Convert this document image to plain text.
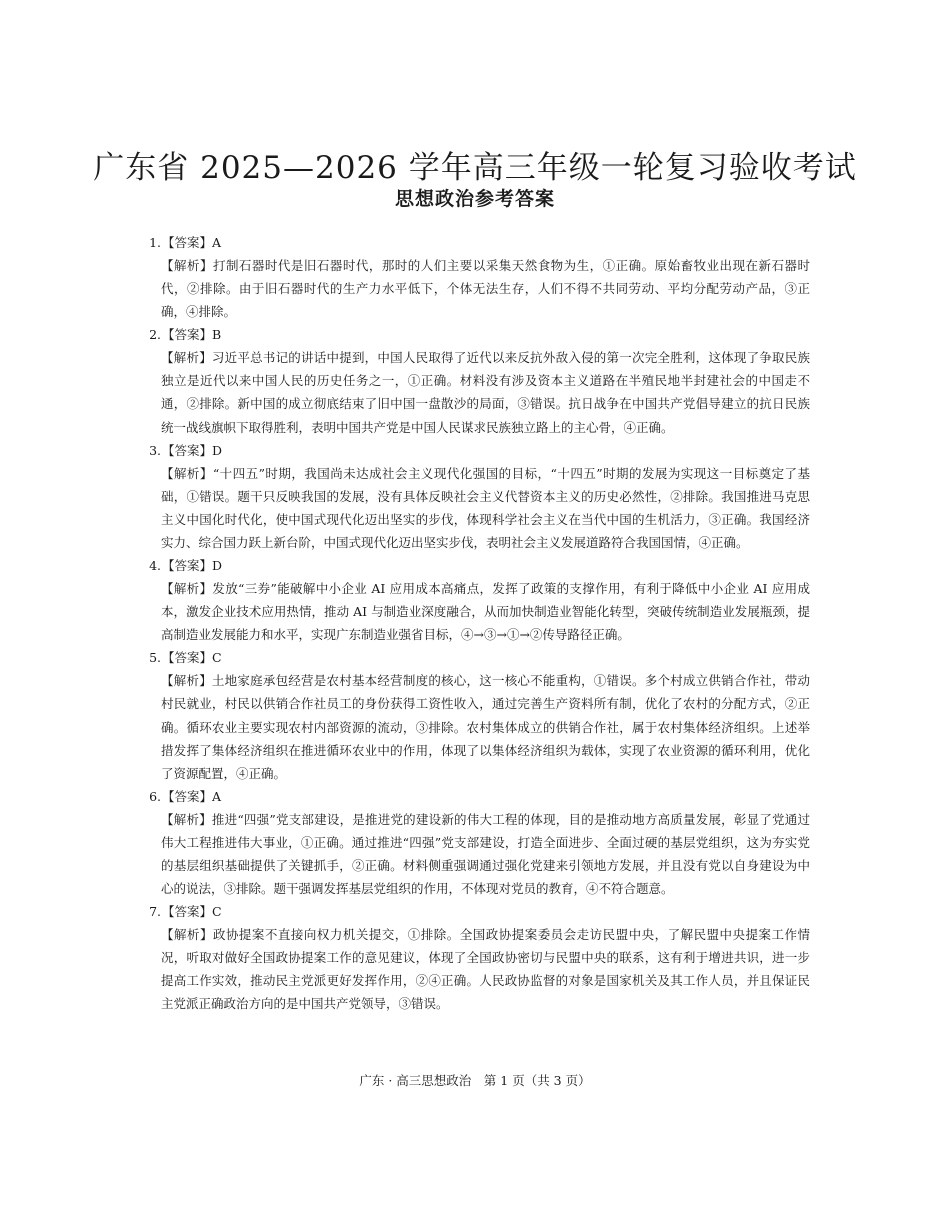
广东省 2025—2026 学年高三年级一轮复习验收考试
思想政治参考答案
1.【答案】A
【解析】打制石器时代是旧石器时代，那时的人们主要以采集天然食物为生，①正确。原始畜牧业出现在新石器时代，②排除。由于旧石器时代的生产力水平低下，个体无法生存，人们不得不共同劳动、平均分配劳动产品，③正确，④排除。
2.【答案】B
【解析】习近平总书记的讲话中提到，中国人民取得了近代以来反抗外敌入侵的第一次完全胜利，这体现了争取民族独立是近代以来中国人民的历史任务之一，①正确。材料没有涉及资本主义道路在半殖民地半封建社会的中国走不通，②排除。新中国的成立彻底结束了旧中国一盘散沙的局面，③错误。抗日战争在中国共产党倡导建立的抗日民族统一战线旗帜下取得胜利，表明中国共产党是中国人民谋求民族独立路上的主心骨，④正确。
3.【答案】D
【解析】“十四五”时期，我国尚未达成社会主义现代化强国的目标，“十四五”时期的发展为实现这一目标奠定了基础，①错误。题干只反映我国的发展，没有具体反映社会主义代替资本主义的历史必然性，②排除。我国推进马克思主义中国化时代化，使中国式现代化迈出坚实的步伐，体现科学社会主义在当代中国的生机活力，③正确。我国经济实力、综合国力跃上新台阶，中国式现代化迈出坚实步伐，表明社会主义发展道路符合我国国情，④正确。
4.【答案】D
【解析】发放“三券”能破解中小企业 AI 应用成本高痛点，发挥了政策的支撑作用，有利于降低中小企业 AI 应用成本，激发企业技术应用热情，推动 AI 与制造业深度融合，从而加快制造业智能化转型，突破传统制造业发展瓶颈，提高制造业发展能力和水平，实现广东制造业强省目标，④→③→①→②传导路径正确。
5.【答案】C
【解析】土地家庭承包经营是农村基本经营制度的核心，这一核心不能重构，①错误。多个村成立供销合作社，带动村民就业，村民以供销合作社员工的身份获得工资性收入，通过完善生产资料所有制，优化了农村的分配方式，②正确。循环农业主要实现农村内部资源的流动，③排除。农村集体成立的供销合作社，属于农村集体经济组织。上述举措发挥了集体经济组织在推进循环农业中的作用，体现了以集体经济组织为载体，实现了农业资源的循环利用，优化了资源配置，④正确。
6.【答案】A
【解析】推进“四强”党支部建设，是推进党的建设新的伟大工程的体现，目的是推动地方高质量发展，彰显了党通过伟大工程推进伟大事业，①正确。通过推进“四强”党支部建设，打造全面进步、全面过硬的基层党组织，这为夯实党的基层组织基础提供了关键抓手，②正确。材料侧重强调通过强化党建来引领地方发展，并且没有党以自身建设为中心的说法，③排除。题干强调发挥基层党组织的作用，不体现对党员的教育，④不符合题意。
7.【答案】C
【解析】政协提案不直接向权力机关提交，①排除。全国政协提案委员会走访民盟中央，了解民盟中央提案工作情况，听取对做好全国政协提案工作的意见建议，体现了全国政协密切与民盟中央的联系，这有利于增进共识，进一步提高工作实效，推动民主党派更好发挥作用，②④正确。人民政协监督的对象是国家机关及其工作人员，并且保证民主党派正确政治方向的是中国共产党领导，③错误。
广东 · 高三思想政治　第 1 页（共 3 页）
